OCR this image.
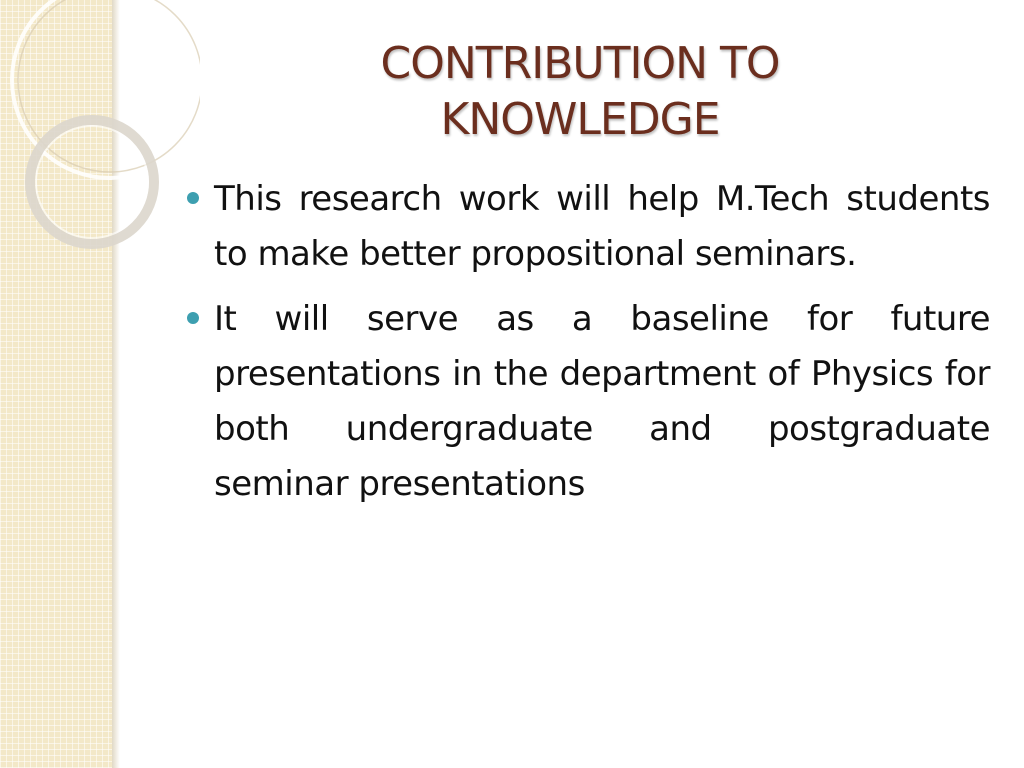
CONTRIBUTION TO
KNOWLEDGE
This research work will help M.Tech students to make better propositional seminars.
It will serve as a baseline for future presentations in the department of Physics for both undergraduate and postgraduate seminar presentations
